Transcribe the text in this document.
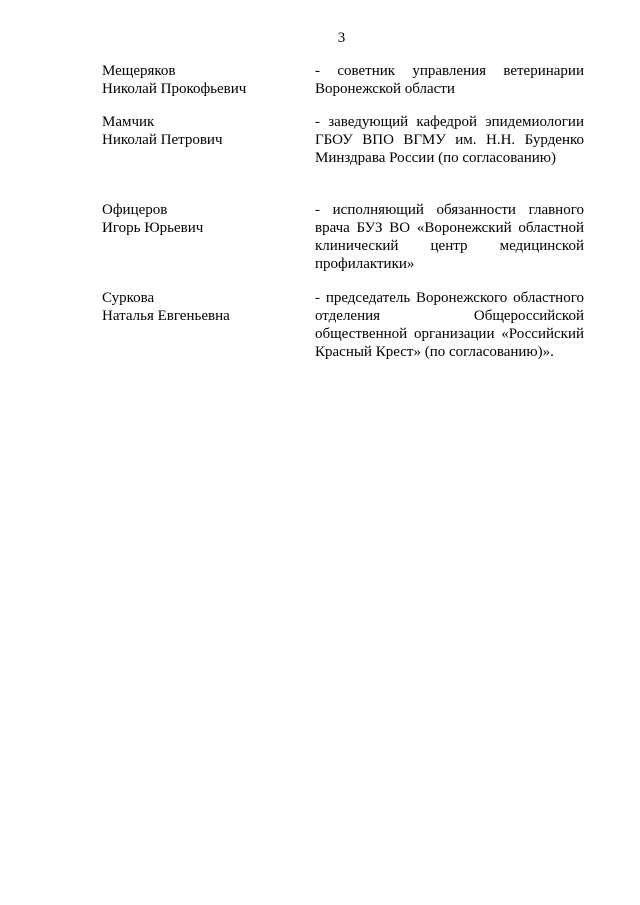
3
Мещеряков
Николай Прокофьевич
- советник управления ветеринарии Воронежской области
Мамчик
Николай Петрович
- заведующий кафедрой эпидемиологии ГБОУ ВПО ВГМУ им. Н.Н. Бурденко Минздрава России (по согласованию)
Офицеров
Игорь Юрьевич
- исполняющий обязанности главного врача БУЗ ВО «Воронежский областной клинический центр медицинской профилактики»
Суркова
Наталья Евгеньевна
- председатель Воронежского областного отделения Общероссийской общественной организации «Российский Красный Крест» (по согласованию)».
